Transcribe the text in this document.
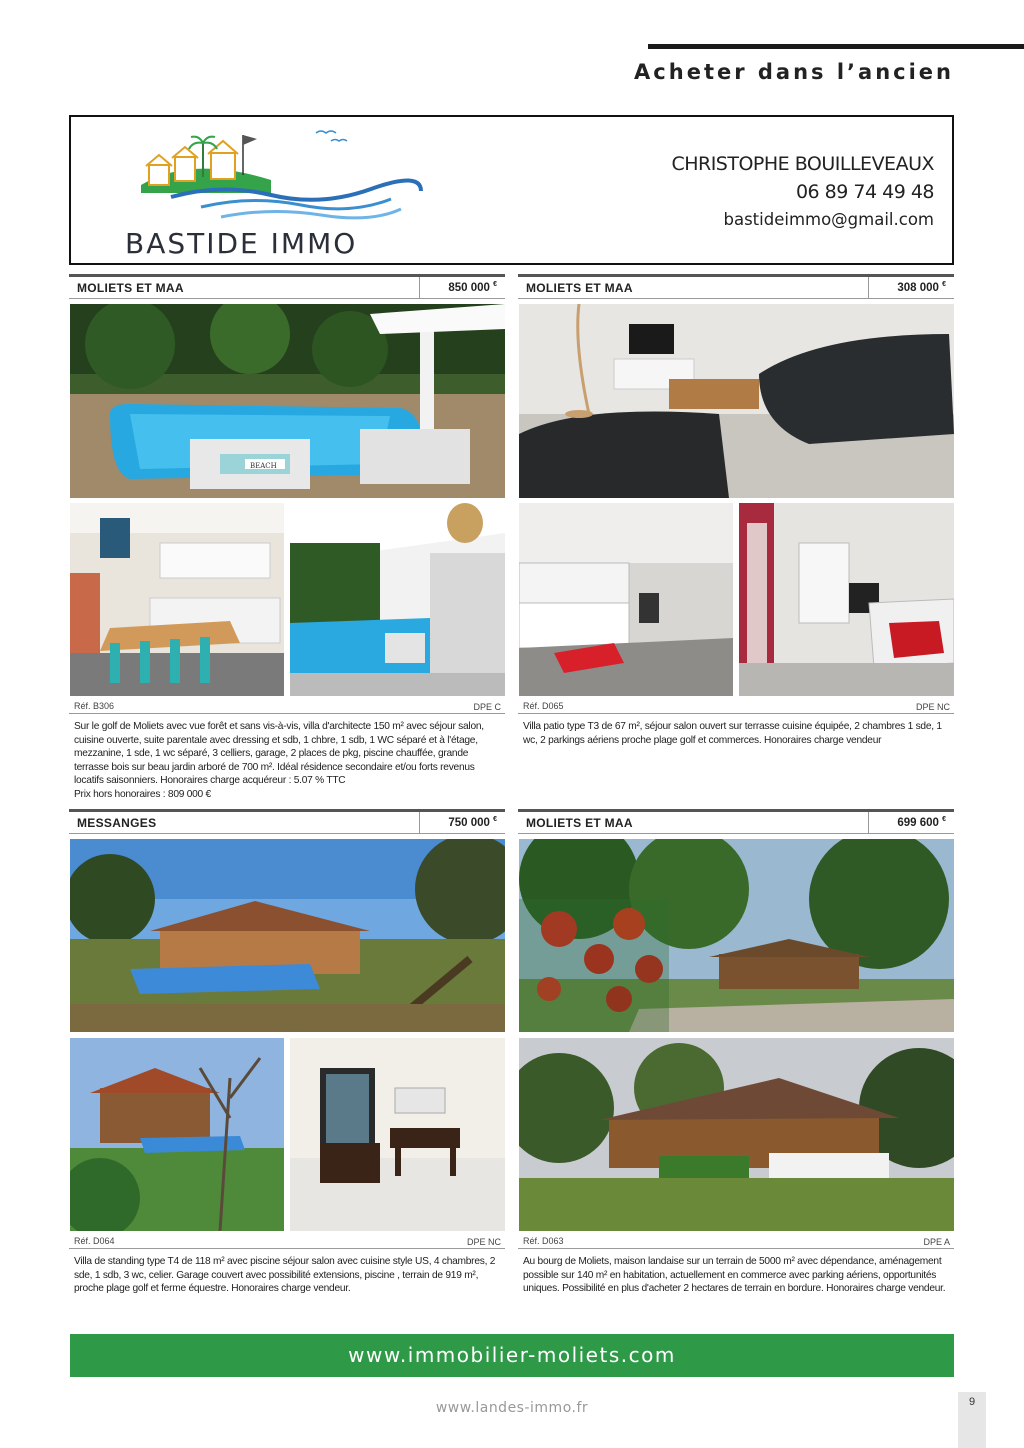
Acheter dans l’ancien
BASTIDE IMMO
CHRISTOPHE BOUILLEVEAUX
06 89 74 49 48
bastideimmo@gmail.com
MOLIETS ET MAA	850 000 €
BEACH
Réf. B306	DPE C
Sur le golf de Moliets avec vue forêt et sans vis-à-vis, villa d'architecte 150 m² avec séjour salon, cuisine ouverte, suite parentale avec dressing et sdb, 1 chbre, 1 sdb, 1 WC séparé et à l'étage, mezzanine, 1 sde, 1 wc séparé, 3 celliers, garage, 2 places de pkg, piscine chauffée, grande terrasse bois sur beau jardin arboré de 700 m². Idéal résidence secondaire et/ou forts revenus locatifs saisonniers. Honoraires charge acquéreur : 5.07 % TTC
Prix hors honoraires : 809 000 €
MOLIETS ET MAA	308 000 €
Réf. D065	DPE NC
Villa patio type T3 de 67 m², séjour salon ouvert sur terrasse cuisine équipée, 2 chambres 1 sde, 1 wc, 2 parkings aériens proche plage golf et commerces. Honoraires charge vendeur
MESSANGES	750 000 €
Réf. D064	DPE NC
Villa de standing type T4 de 118 m² avec piscine séjour salon avec cuisine style US, 4 chambres, 2 sde, 1 sdb, 3 wc, celier. Garage couvert avec possibilité extensions, piscine , terrain de 919 m², proche plage golf et ferme équestre. Honoraires charge vendeur.
MOLIETS ET MAA	699 600 €
Réf. D063	DPE A
Au bourg de Moliets, maison landaise sur un terrain de 5000 m² avec dépendance, aménagement possible sur 140 m² en habitation, actuellement en commerce avec parking aériens, opportunités uniques. Possibilité en plus d'acheter 2 hectares de terrain en bordure. Honoraires charge vendeur.
www.immobilier-moliets.com
www.landes-immo.fr	9
